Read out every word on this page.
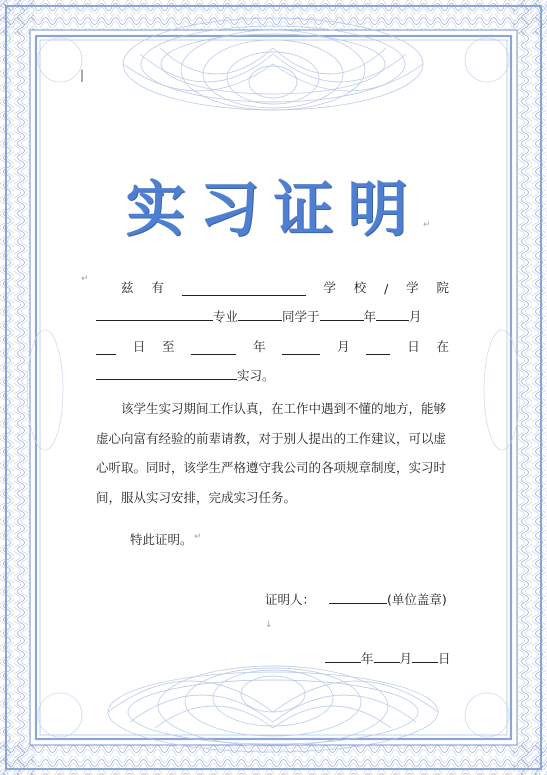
|
实习证明 ↵
兹 有	学 校 / 学 院
↵
专业	同学于	年	月
日 至	年	月	日 在
实习。
该学生实习期间工作认真，在工作中遇到不懂的地方，能够虚心向富有经验的前辈请教，对于别人提出的工作建议，可以虚心听取。同时，该学生严格遵守我公司的各项规章制度，实习时间，服从实习安排，完成实习任务。
特此证明。 ↵
证明人：	(单位盖章)
↓
年 月 日
